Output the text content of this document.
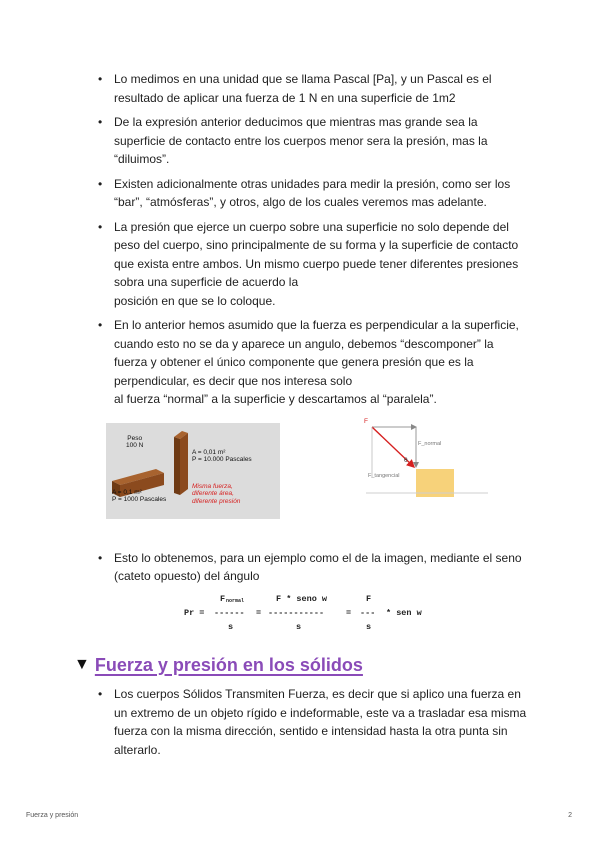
• Lo medimos en una unidad que se llama Pascal [Pa], y un Pascal es el
resultado de aplicar una fuerza de 1 N en una superficie de 1m2
• De la expresión anterior deducimos que mientras mas grande sea la
superficie de contacto entre los cuerpos menor sera la presión, mas la
“diluimos”.
• Existen adicionalmente otras unidades para medir la presión, como ser los
“bar”, “atmósferas”, y otros, algo de los cuales veremos mas adelante.
• La presión que ejerce un cuerpo sobre una superficie no solo depende del
peso del cuerpo, sino principalmente de su forma y la superficie de contacto
que exista entre ambos. Un mismo cuerpo puede tener diferentes presiones
sobra una superficie de acuerdo la
posición en que se lo coloque.
• En lo anterior hemos asumido que la fuerza es perpendicular a la superficie,
cuando esto no se da y aparece un angulo, debemos “descomponer” la
fuerza y obtener el único componente que genera presión que es la
perpendicular, es decir que nos interesa solo
al fuerza “normal” a la superficie y descartamos al “paralela”.
Peso
100 N
A = 0,01 m²
P = 10.000 Pascales
A = 0,1 m²
P = 1000 Pascales
Misma fuerza,
diferente área,
diferente presión
F
F_normal
θ
F_tangencial
• Esto lo obtenemos, para un ejemplo como el de la imagen, mediante el seno
(cateto opuesto) del ángulo
Pr =
F normal
------
s
=
F * seno w
-----------
s
=
F
---
s
* sen w
▼ Fuerza y presión en los sólidos
• Los cuerpos Sólidos Transmiten Fuerza, es decir que si aplico una fuerza en
un extremo de un objeto rígido e indeformable, este va a trasladar esa misma
fuerza con la misma dirección, sentido e intensidad hasta la otra punta sin
alterarlo.
Fuerza y presión	2
